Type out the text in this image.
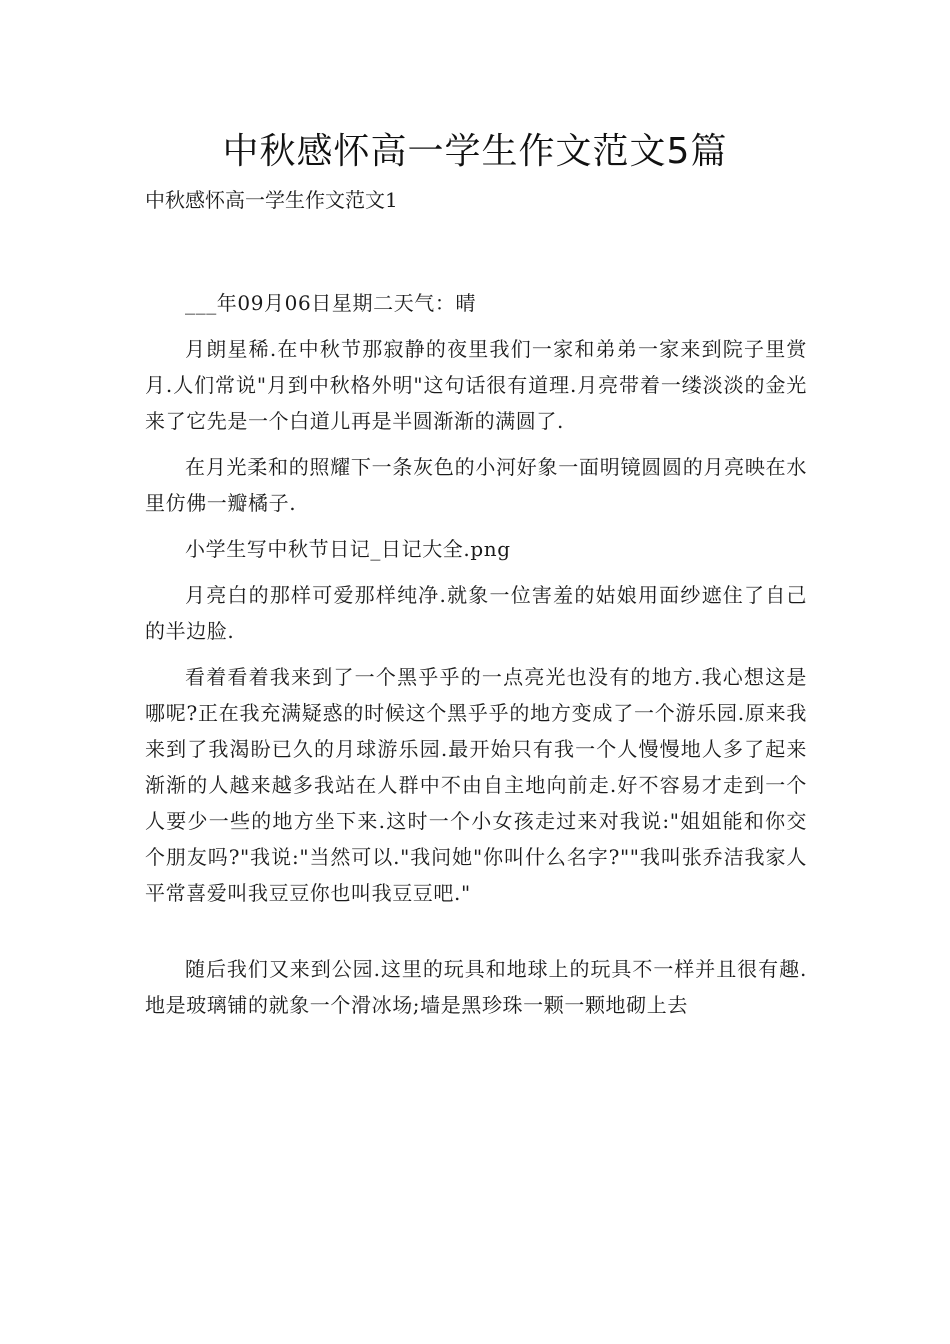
中秋感怀高一学生作文范文5篇
中秋感怀高一学生作文范文1

___年09月06日星期二天气：晴

月朗星稀.在中秋节那寂静的夜里我们一家和弟弟一家来到院子里赏月.人们常说"月到中秋格外明"这句话很有道理.月亮带着一缕淡淡的金光来了它先是一个白道儿再是半圆渐渐的满圆了.

在月光柔和的照耀下一条灰色的小河好象一面明镜圆圆的月亮映在水里仿佛一瓣橘子.

小学生写中秋节日记_日记大全.png

月亮白的那样可爱那样纯净.就象一位害羞的姑娘用面纱遮住了自己的半边脸.

看着看着我来到了一个黑乎乎的一点亮光也没有的地方.我心想这是哪呢?正在我充满疑惑的时候这个黑乎乎的地方变成了一个游乐园.原来我来到了我渴盼已久的月球游乐园.最开始只有我一个人慢慢地人多了起来渐渐的人越来越多我站在人群中不由自主地向前走.好不容易才走到一个人要少一些的地方坐下来.这时一个小女孩走过来对我说:"姐姐能和你交个朋友吗?"我说:"当然可以."我问她"你叫什么名字?""我叫张乔洁我家人平常喜爱叫我豆豆你也叫我豆豆吧."

随后我们又来到公园.这里的玩具和地球上的玩具不一样并且很有趣.地是玻璃铺的就象一个滑冰场;墙是黑珍珠一颗一颗地砌上去
